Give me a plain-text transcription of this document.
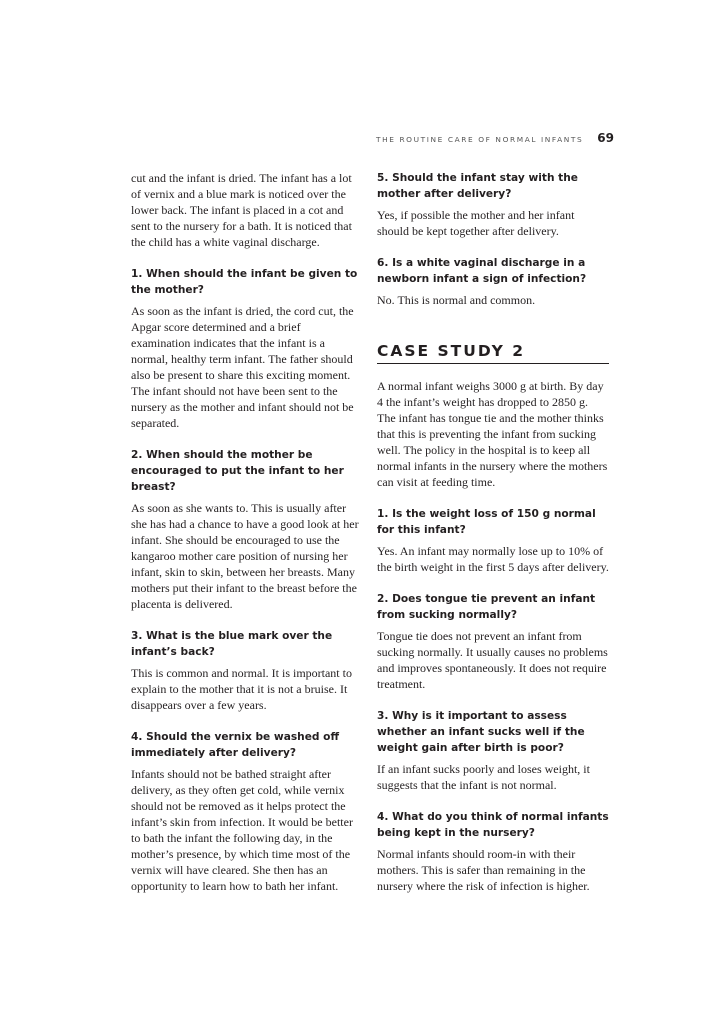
THE ROUTINE CARE OF NORMAL INFANTS 69

cut and the infant is dried. The infant has a lot of vernix and a blue mark is noticed over the lower back. The infant is placed in a cot and sent to the nursery for a bath. It is noticed that the child has a white vaginal discharge.

1. When should the infant be given to the mother?

As soon as the infant is dried, the cord cut, the Apgar score determined and a brief examination indicates that the infant is a normal, healthy term infant. The father should also be present to share this exciting moment. The infant should not have been sent to the nursery as the mother and infant should not be separated.

2. When should the mother be encouraged to put the infant to her breast?

As soon as she wants to. This is usually after she has had a chance to have a good look at her infant. She should be encouraged to use the kangaroo mother care position of nursing her infant, skin to skin, between her breasts. Many mothers put their infant to the breast before the placenta is delivered.

3. What is the blue mark over the infant’s back?

This is common and normal. It is important to explain to the mother that it is not a bruise. It disappears over a few years.

4. Should the vernix be washed off immediately after delivery?

Infants should not be bathed straight after delivery, as they often get cold, while vernix should not be removed as it helps protect the infant’s skin from infection. It would be better to bath the infant the following day, in the mother’s presence, by which time most of the vernix will have cleared. She then has an opportunity to learn how to bath her infant.

5. Should the infant stay with the mother after delivery?

Yes, if possible the mother and her infant should be kept together after delivery.

6. Is a white vaginal discharge in a newborn infant a sign of infection?

No. This is normal and common.

CASE STUDY 2

A normal infant weighs 3000 g at birth. By day 4 the infant’s weight has dropped to 2850 g. The infant has tongue tie and the mother thinks that this is preventing the infant from sucking well. The policy in the hospital is to keep all normal infants in the nursery where the mothers can visit at feeding time.

1. Is the weight loss of 150 g normal for this infant?

Yes. An infant may normally lose up to 10% of the birth weight in the first 5 days after delivery.

2. Does tongue tie prevent an infant from sucking normally?

Tongue tie does not prevent an infant from sucking normally. It usually causes no problems and improves spontaneously. It does not require treatment.

3. Why is it important to assess whether an infant sucks well if the weight gain after birth is poor?

If an infant sucks poorly and loses weight, it suggests that the infant is not normal.

4. What do you think of normal infants being kept in the nursery?

Normal infants should room-in with their mothers. This is safer than remaining in the nursery where the risk of infection is higher.
